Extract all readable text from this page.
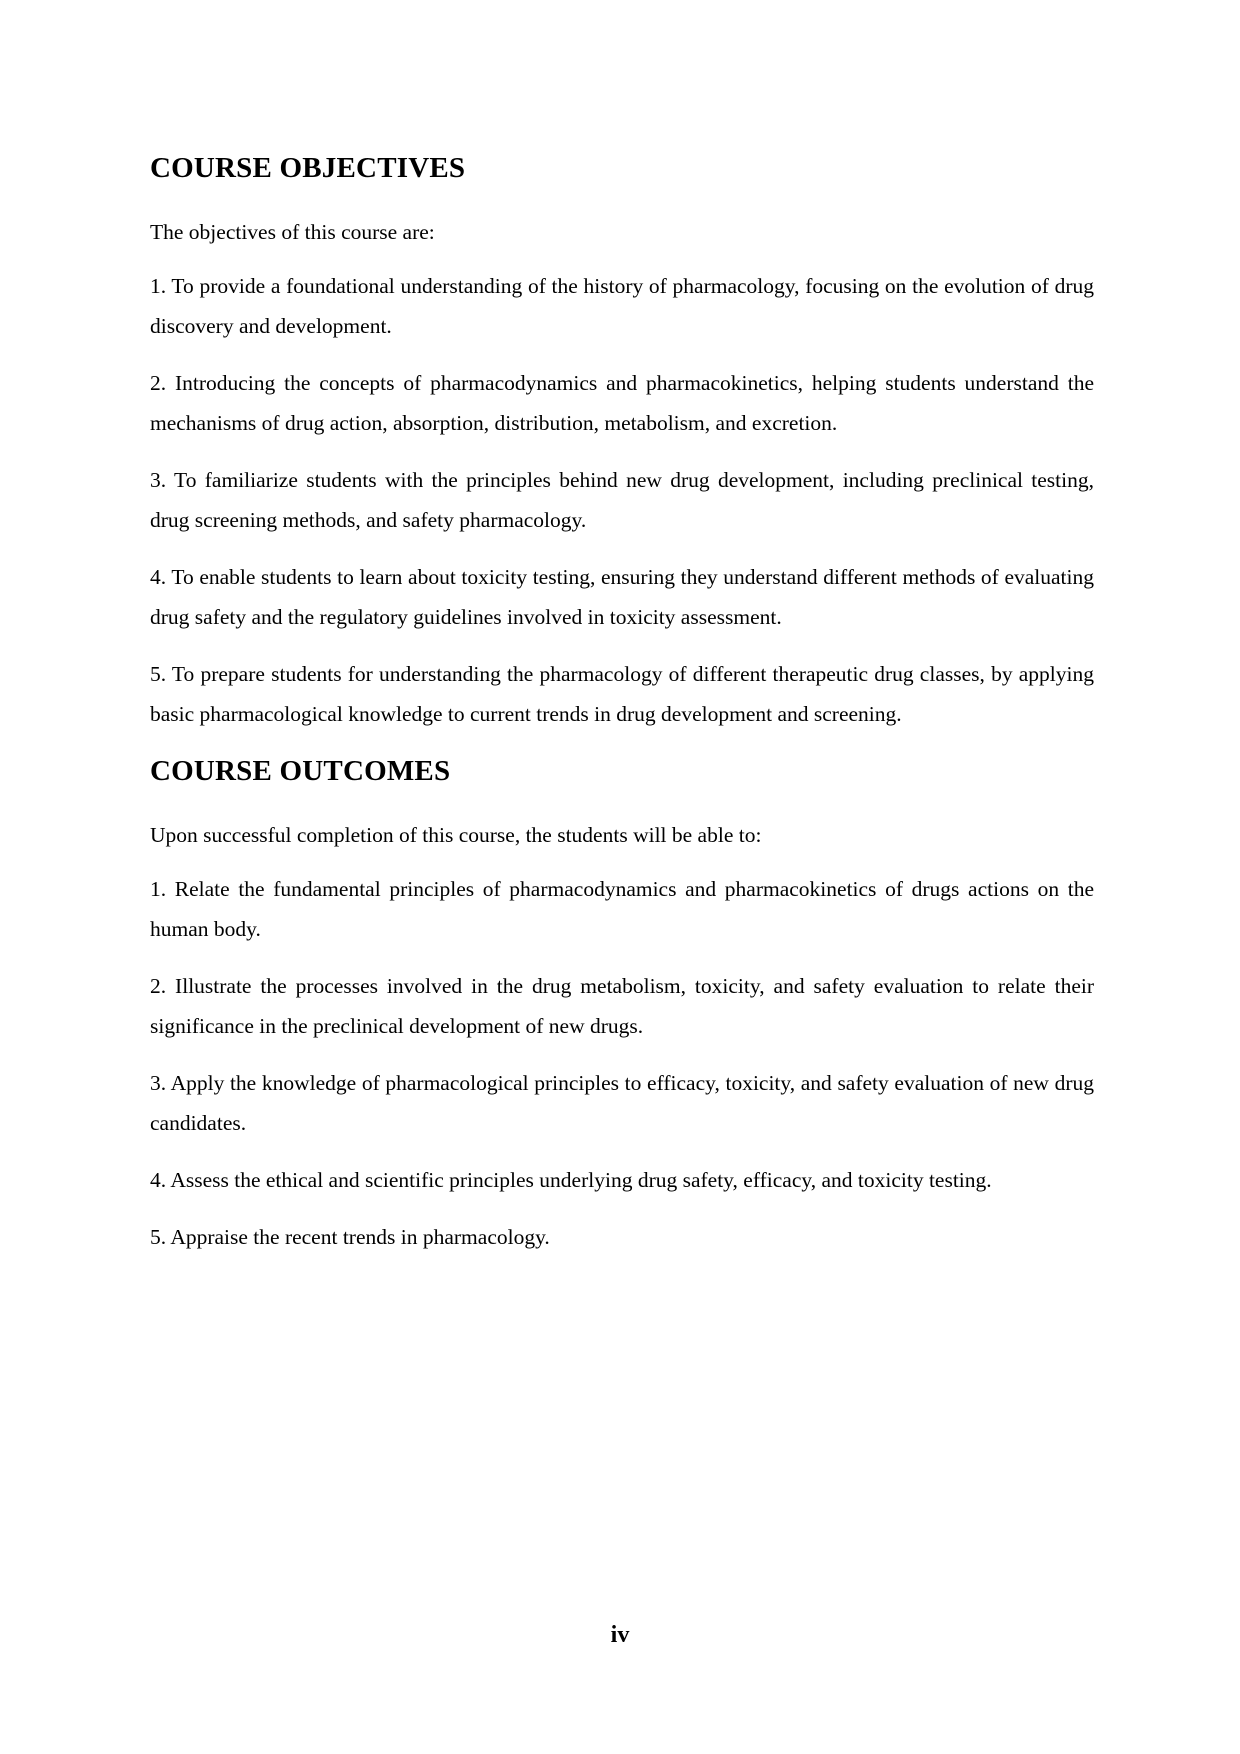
COURSE OBJECTIVES

The objectives of this course are:

1. To provide a foundational understanding of the history of pharmacology, focusing on the evolution of drug discovery and development.

2. Introducing the concepts of pharmacodynamics and pharmacokinetics, helping students understand the mechanisms of drug action, absorption, distribution, metabolism, and excretion.

3. To familiarize students with the principles behind new drug development, including preclinical testing, drug screening methods, and safety pharmacology.

4. To enable students to learn about toxicity testing, ensuring they understand different methods of evaluating drug safety and the regulatory guidelines involved in toxicity assessment.

5. To prepare students for understanding the pharmacology of different therapeutic drug classes, by applying basic pharmacological knowledge to current trends in drug development and screening.

COURSE OUTCOMES

Upon successful completion of this course, the students will be able to:

1. Relate the fundamental principles of pharmacodynamics and pharmacokinetics of drugs actions on the human body.

2. Illustrate the processes involved in the drug metabolism, toxicity, and safety evaluation to relate their significance in the preclinical development of new drugs.

3. Apply the knowledge of pharmacological principles to efficacy, toxicity, and safety evaluation of new drug candidates.

4. Assess the ethical and scientific principles underlying drug safety, efficacy, and toxicity testing.

5. Appraise the recent trends in pharmacology.

iv
